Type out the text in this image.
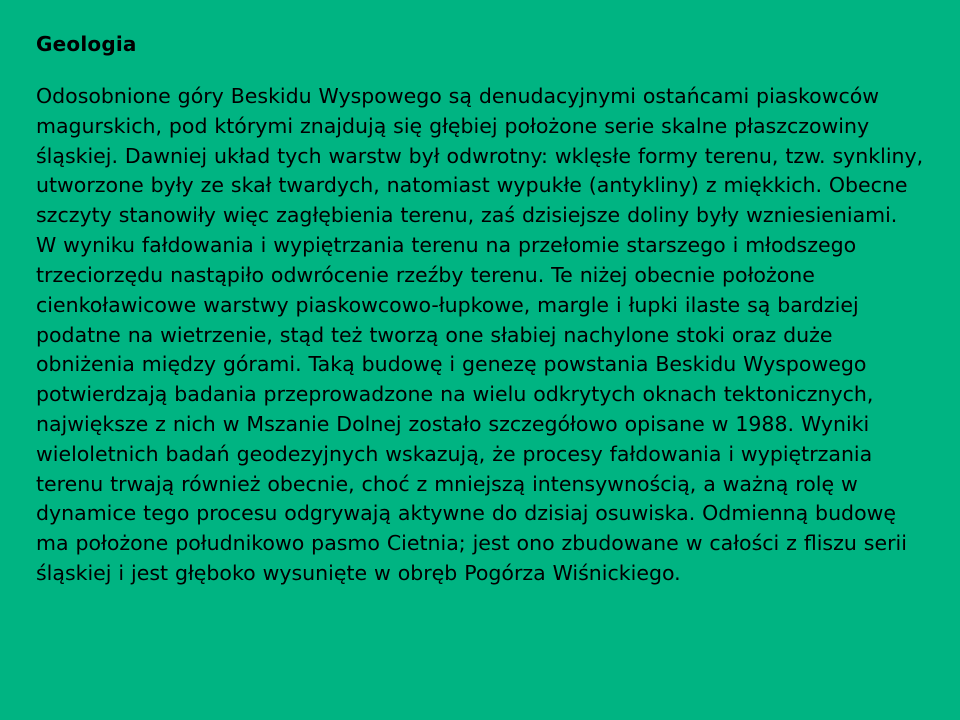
Geologia
Odosobnione góry Beskidu Wyspowego są denudacyjnymi ostańcami piaskowców magurskich, pod którymi znajdują się głębiej położone serie skalne płaszczowiny śląskiej. Dawniej układ tych warstw był odwrotny: wklęsłe formy terenu, tzw. synkliny, utworzone były ze skał twardych, natomiast wypukłe (antykliny) z miękkich. Obecne szczyty stanowiły więc zagłębienia terenu, zaś dzisiejsze doliny były wzniesieniami. W wyniku fałdowania i wypiętrzania terenu na przełomie starszego i młodszego trzeciorzędu nastąpiło odwrócenie rzeźby terenu. Te niżej obecnie położone cienkoławicowe warstwy piaskowcowo-łupkowe, margle i łupki ilaste są bardziej podatne na wietrzenie, stąd też tworzą one słabiej nachylone stoki oraz duże obniżenia między górami. Taką budowę i genezę powstania Beskidu Wyspowego potwierdzają badania przeprowadzone na wielu odkrytych oknach tektonicznych, największe z nich w Mszanie Dolnej zostało szczegółowo opisane w 1988. Wyniki wieloletnich badań geodezyjnych wskazują, że procesy fałdowania i wypiętrzania terenu trwają również obecnie, choć z mniejszą intensywnością, a ważną rolę w dynamice tego procesu odgrywają aktywne do dzisiaj osuwiska. Odmienną budowę ma położone południkowo pasmo Cietnia; jest ono zbudowane w całości z fliszu serii śląskiej i jest głęboko wysunięte w obręb Pogórza Wiśnickiego.
